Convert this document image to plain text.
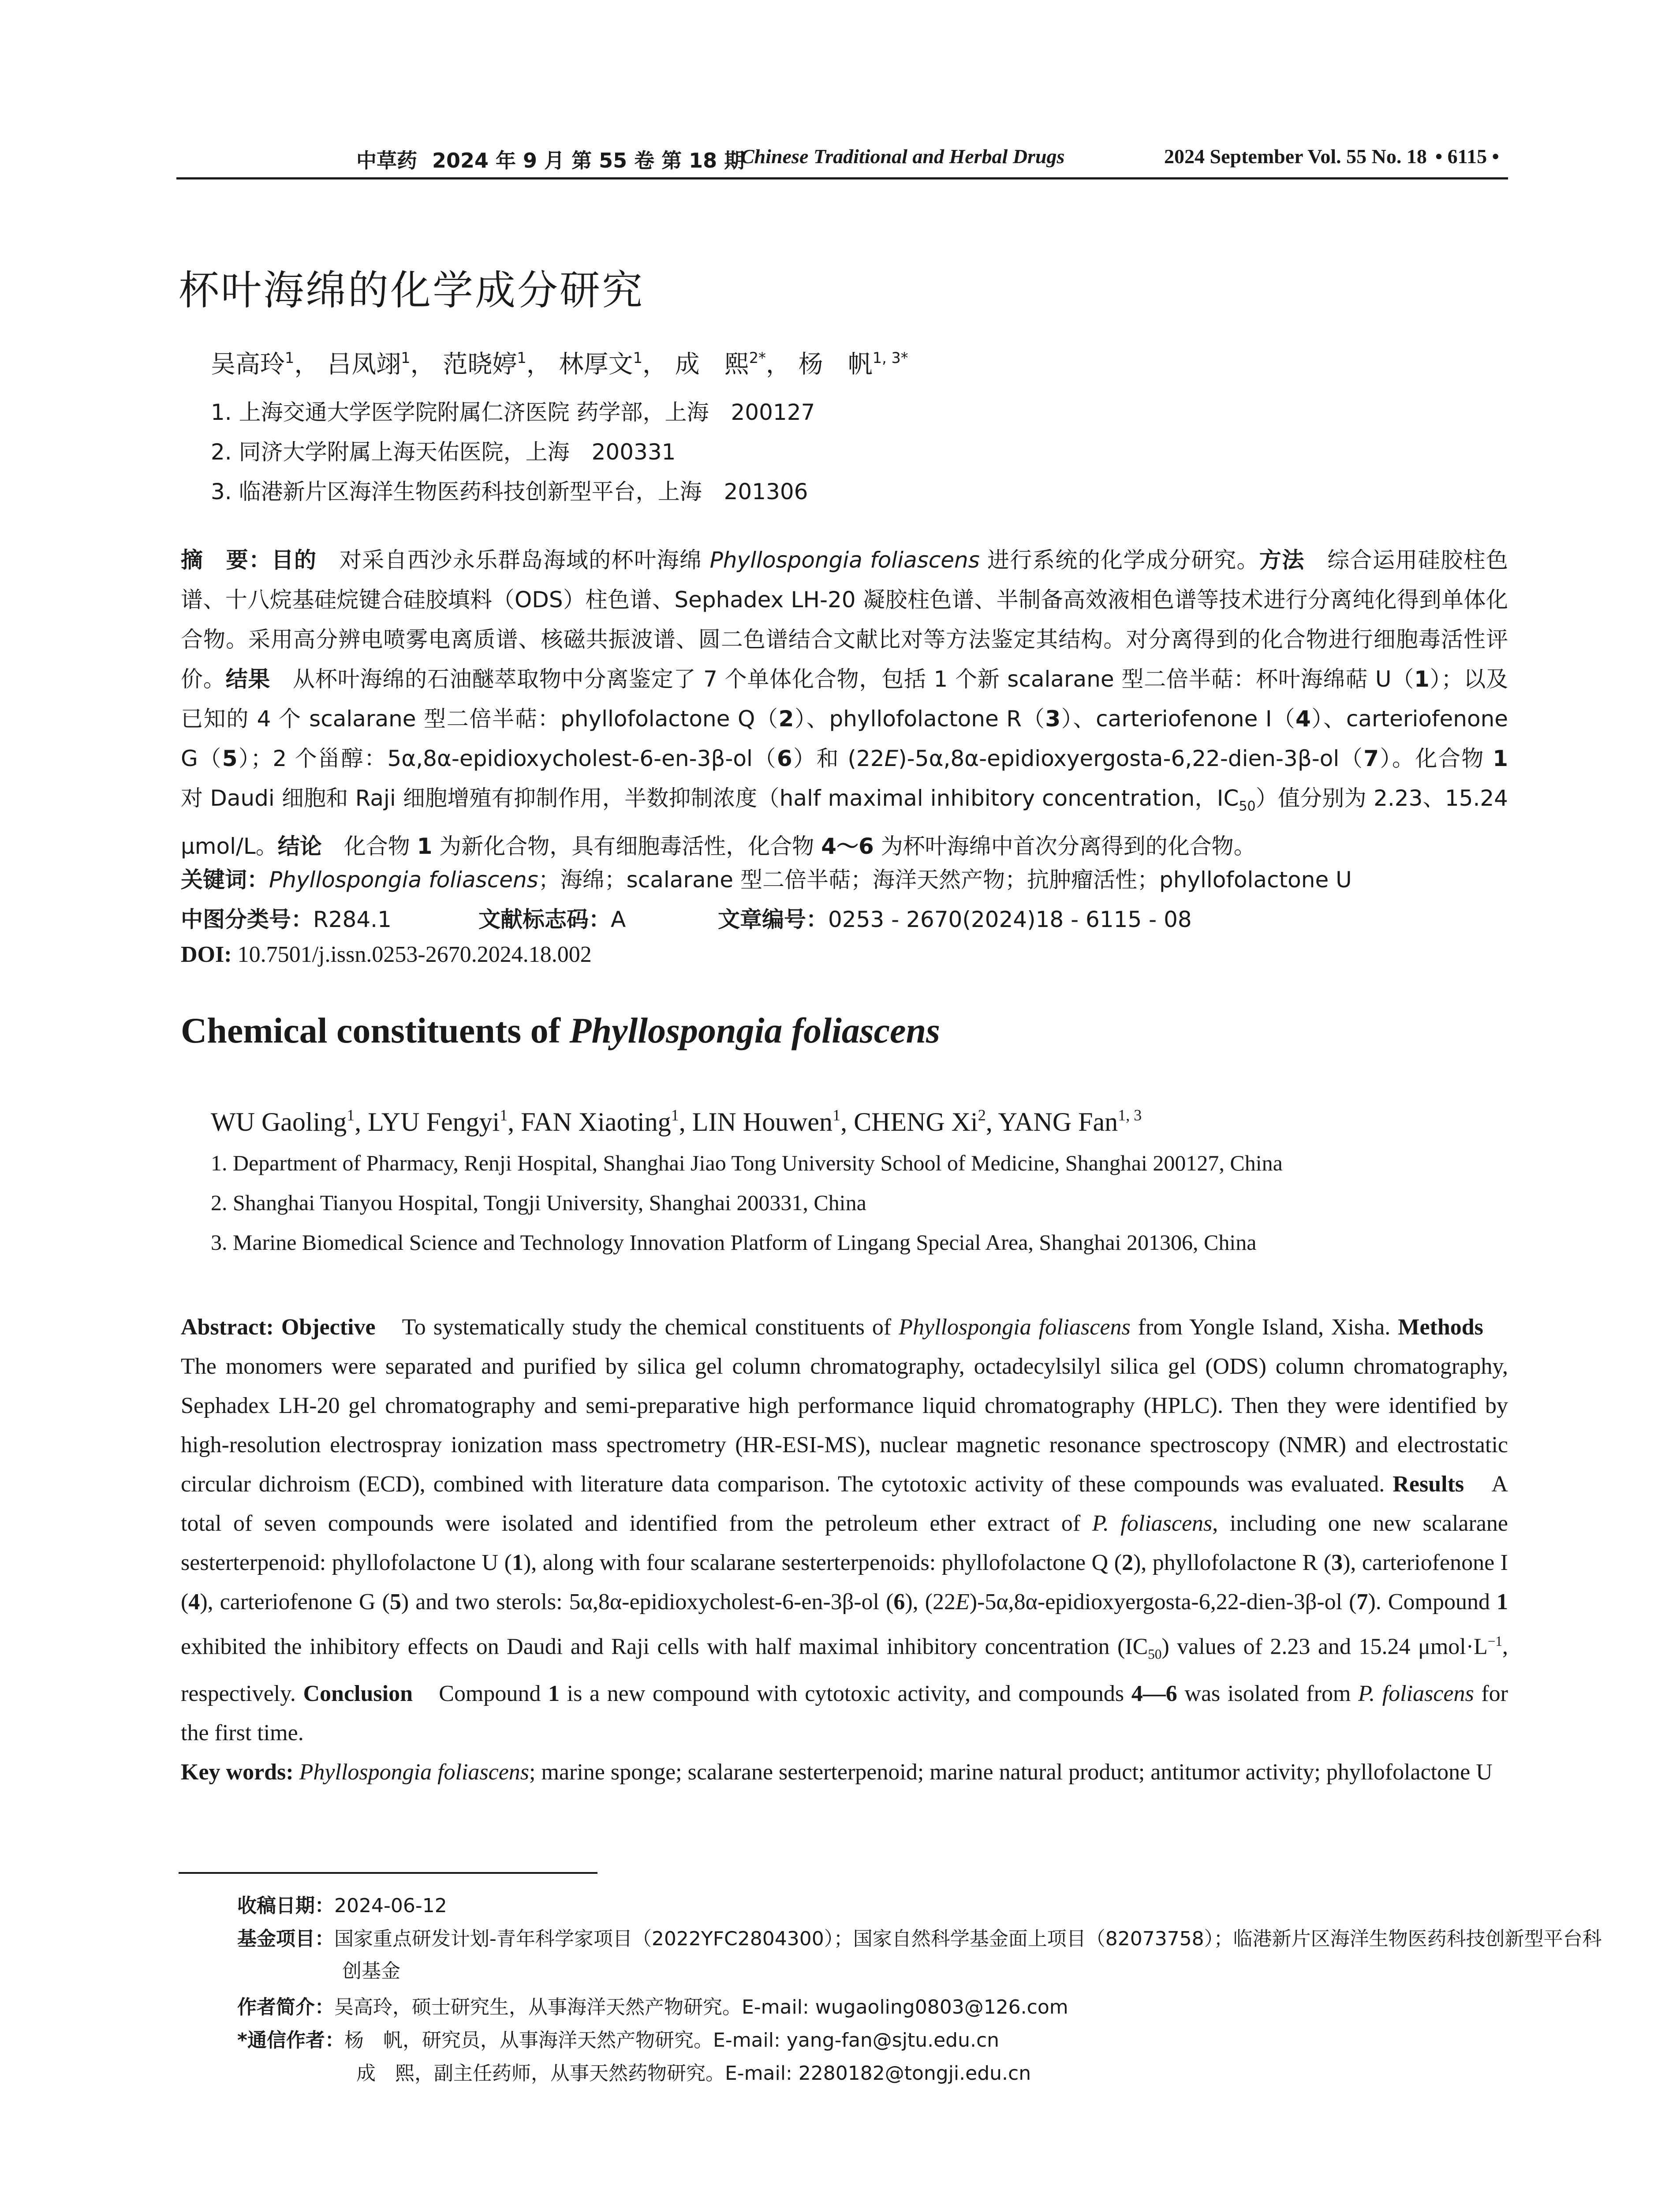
中草药 2024 年 9 月 第 55 卷 第 18 期
Chinese Traditional and Herbal Drugs	2024 September Vol. 55 No. 18 • 6115 •
杯叶海绵的化学成分研究
吴高玲$^1$， 吕凤翊$^1$， 范晓婷$^1$， 林厚文$^1$， 成　熙$^{2*}$， 杨　帆$^{1, 3*}$
1. 上海交通大学医学院附属仁济医院 药学部，上海　200127
2. 同济大学附属上海天佑医院，上海　200331
3. 临港新片区海洋生物医药科技创新型平台，上海　201306
摘　要：目的　对采自西沙永乐群岛海域的杯叶海绵 Phyllospongia foliascens 进行系统的化学成分研究。方法　综合运用硅胶柱色谱、十八烷基硅烷键合硅胶填料（ODS）柱色谱、Sephadex LH-20 凝胶柱色谱、半制备高效液相色谱等技术进行分离纯化得到单体化合物。采用高分辨电喷雾电离质谱、核磁共振波谱、圆二色谱结合文献比对等方法鉴定其结构。对分离得到的化合物进行细胞毒活性评价。结果　从杯叶海绵的石油醚萃取物中分离鉴定了 7 个单体化合物，包括 1 个新 scalarane 型二倍半萜：杯叶海绵萜 U（1）；以及已知的 4 个 scalarane 型二倍半萜：phyllofolactone Q（2）、phyllofolactone R（3）、carteriofenone I（4）、carteriofenone G（5）；2 个甾醇：5α,8α-epidioxycholest-6-en-3β-ol（6）和 (22E)-5α,8α-epidioxyergosta-6,22-dien-3β-ol（7）。化合物 1 对 Daudi 细胞和 Raji 细胞增殖有抑制作用，半数抑制浓度（half maximal inhibitory concentration，$IC_{50}$）值分别为 2.23、15.24 μmol/L。结论　化合物 1 为新化合物，具有细胞毒活性，化合物 4～6 为杯叶海绵中首次分离得到的化合物。
关键词：Phyllospongia foliascens；海绵；scalarane 型二倍半萜；海洋天然产物；抗肿瘤活性；phyllofolactone U
中图分类号：R284.1	文献标志码：A	文章编号：0253 - 2670(2024)18 - 6115 - 08
DOI: 10.7501/j.issn.0253-2670.2024.18.002
Chemical constituents of Phyllospongia foliascens
WU Gaoling$^1$, LYU Fengyi$^1$, FAN Xiaoting$^1$, LIN Houwen$^1$, CHENG Xi$^2$, YANG Fan$^{1, 3}$
1. Department of Pharmacy, Renji Hospital, Shanghai Jiao Tong University School of Medicine, Shanghai 200127, China
2. Shanghai Tianyou Hospital, Tongji University, Shanghai 200331, China
3. Marine Biomedical Science and Technology Innovation Platform of Lingang Special Area, Shanghai 201306, China
Abstract: Objective　To systematically study the chemical constituents of Phyllospongia foliascens from Yongle Island, Xisha. Methods　The monomers were separated and purified by silica gel column chromatography, octadecylsilyl silica gel (ODS) column chromatography, Sephadex LH-20 gel chromatography and semi-preparative high performance liquid chromatography (HPLC). Then they were identified by high-resolution electrospray ionization mass spectrometry (HR-ESI-MS), nuclear magnetic resonance spectroscopy (NMR) and electrostatic circular dichroism (ECD), combined with literature data comparison. The cytotoxic activity of these compounds was evaluated. Results　A total of seven compounds were isolated and identified from the petroleum ether extract of P. foliascens, including one new scalarane sesterterpenoid: phyllofolactone U (1), along with four scalarane sesterterpenoids: phyllofolactone Q (2), phyllofolactone R (3), carteriofenone I (4), carteriofenone G (5) and two sterols: 5α,8α-epidioxycholest-6-en-3β-ol (6), (22E)-5α,8α-epidioxyergosta-6,22-dien-3β-ol (7). Compound 1 exhibited the inhibitory effects on Daudi and Raji cells with half maximal inhibitory concentration $(IC_{50})$ values of 2.23 and 15.24 $\mu mol\cdot L^{-1}$, respectively. Conclusion　Compound 1 is a new compound with cytotoxic activity, and compounds 4—6 was isolated from P. foliascens for the first time.
Key words: Phyllospongia foliascens; marine sponge; scalarane sesterterpenoid; marine natural product; antitumor activity; phyllofolactone U
收稿日期：2024-06-12
基金项目：国家重点研发计划-青年科学家项目（2022YFC2804300）；国家自然科学基金面上项目（82073758）；临港新片区海洋生物医药科技创新型平台科创基金
作者简介：吴高玲，硕士研究生，从事海洋天然产物研究。E-mail: wugaoling0803@126.com
*通信作者：杨　帆，研究员，从事海洋天然产物研究。E-mail: yang-fan@sjtu.edu.cn
成　熙，副主任药师，从事天然药物研究。E-mail: 2280182@tongji.edu.cn
